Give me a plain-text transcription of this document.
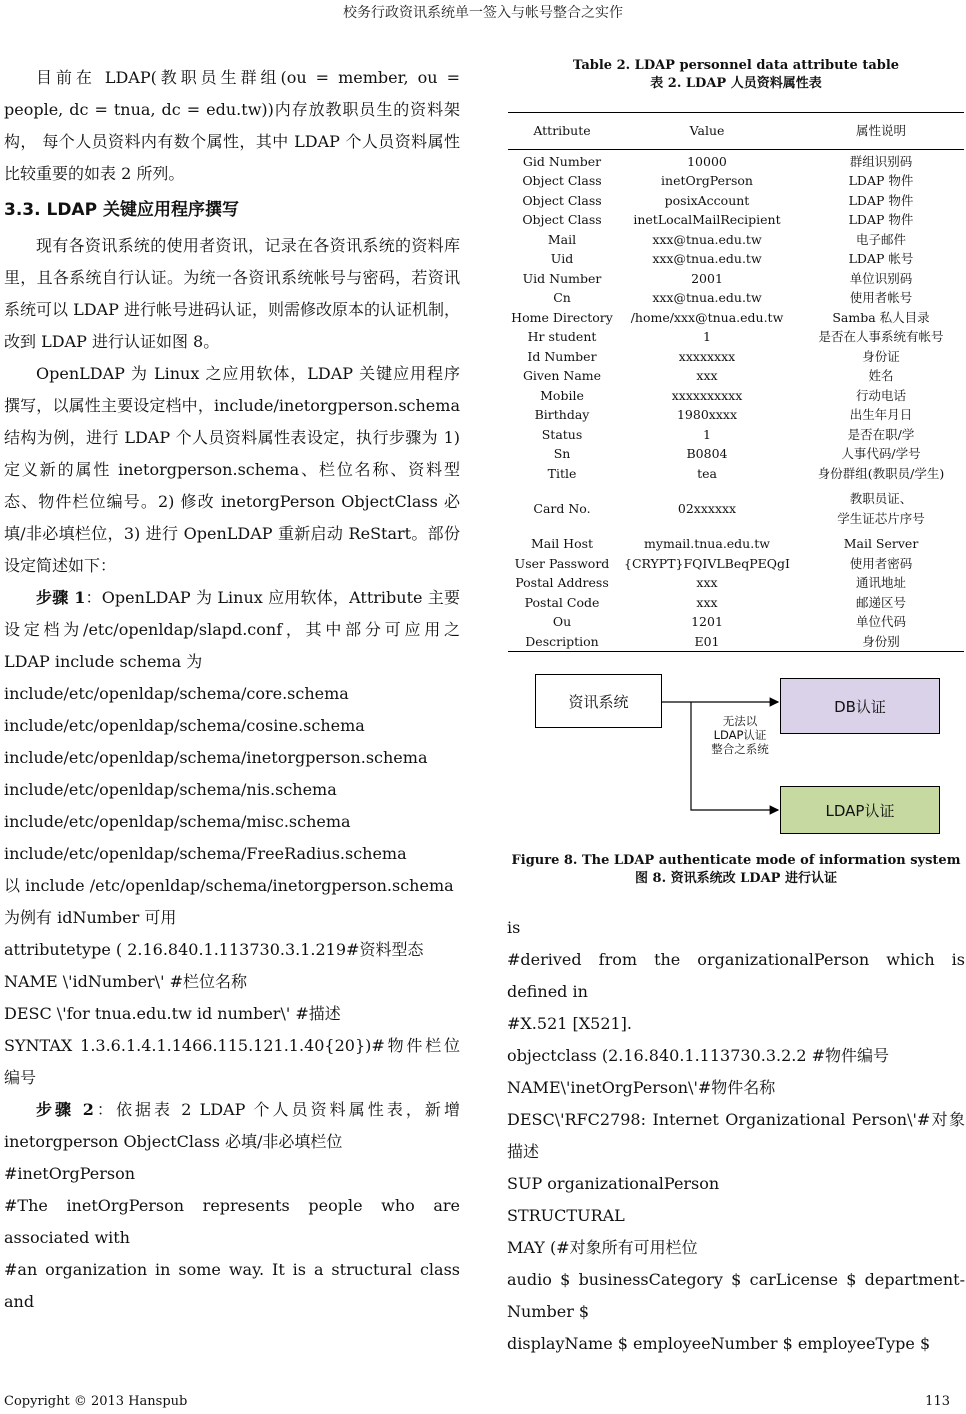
校务行政资讯系统单一签入与帐号整合之实作

目前在 LDAP(教职员生群组(ou = member, ou = people, dc = tnua, dc = edu.tw))内存放教职员生的资料架构， 每个人员资料内有数个属性，其中 LDAP 个人员资料属性比较重要的如表 2 所列。

3.3. LDAP 关键应用程序撰写

现有各资讯系统的使用者资讯，记录在各资讯系统的资料库里，且各系统自行认证。为统一各资讯系统帐号与密码，若资讯系统可以 LDAP 进行帐号进码认证，则需修改原本的认证机制，改到 LDAP 进行认证如图 8。

OpenLDAP 为 Linux 之应用软体，LDAP 关键应用程序撰写，以属性主要设定档中，include/inetorgperson.schema 结构为例，进行 LDAP 个人员资料属性表设定，执行步骤为 1) 定义新的属性 inetorgperson.schema、栏位名称、资料型态、物件栏位编号。2) 修改 inetorgPerson ObjectClass 必填/非必填栏位，3) 进行 OpenLDAP 重新启动 ReStart。部份设定简述如下：

步骤 1：OpenLDAP 为 Linux 应用软体，Attribute 主要设定档为/etc/openldap/slapd.conf，其中部分可应用之 LDAP include schema 为

include/etc/openldap/schema/core.schema

include/etc/openldap/schema/cosine.schema

include/etc/openldap/schema/inetorgperson.schema

include/etc/openldap/schema/nis.schema

include/etc/openldap/schema/misc.schema

include/etc/openldap/schema/FreeRadius.schema

以 include /etc/openldap/schema/inetorgperson.schema

为例有 idNumber 可用

attributetype ( 2.16.840.1.113730.3.1.219#资料型态

NAME \'idNumber\' #栏位名称

DESC \'for tnua.edu.tw id number\' #描述

SYNTAX 1.3.6.1.4.1.1466.115.121.1.40{20})#物件栏位编号

步骤 2：依据表 2 LDAP 个人员资料属性表，新增 inetorgperson ObjectClass 必填/非必填栏位

#inetOrgPerson

#The inetOrgPerson represents people who are associated with

#an organization in some way. It is a structural class and

Table 2. LDAP personnel data attribute table
表 2. LDAP 人员资料属性表
Attribute	Value	属性说明
Gid Number	10000	群组识别码
Object Class	inetOrgPerson	LDAP 物件
Object Class	posixAccount	LDAP 物件
Object Class	inetLocalMailRecipient	LDAP 物件
Mail	xxx@tnua.edu.tw	电子邮件
Uid	xxx@tnua.edu.tw	LDAP 帐号
Uid Number	2001	单位识别码
Cn	xxx@tnua.edu.tw	使用者帐号
Home Directory	/home/xxx@tnua.edu.tw	Samba 私人目录
Hr student	1	是否在人事系统有帐号
Id Number	xxxxxxxx	身份证
Given Name	xxx	姓名
Mobile	xxxxxxxxxx	行动电话
Birthday	1980xxxx	出生年月日
Status	1	是否在职/学
Sn	B0804	人事代码/学号
Title	tea	身份群组(教职员/学生)
Card No.	02xxxxxx	教职员证、
学生证芯片序号

Mail Host	mymail.tnua.edu.tw	Mail Server
User Password	{CRYPT}FQIVLBeqPEQgI	使用者密码
Postal Address	xxx	通讯地址
Postal Code	xxx	邮递区号
Ou	1201	单位代码
Description	E01	身份别
资讯系统	DB认证
LDAP认证
无法以
LDAP认证
整合之系统
Figure 8. The LDAP authenticate mode of information system
图 8. 资讯系统改 LDAP 进行认证

is

#derived from the organizationalPerson which is defined in

#X.521 [X521].

objectclass (2.16.840.1.113730.3.2.2 #物件编号

NAME\'inetOrgPerson\'#物件名称

DESC\'RFC2798: Internet Organizational Person\'#对象描述

SUP organizationalPerson

STRUCTURAL

MAY (#对象所有可用栏位

audio $ businessCategory $ carLicense $ department-Number $

displayName $ employeeNumber $ employeeType $

Copyright © 2013 Hanspub	113
